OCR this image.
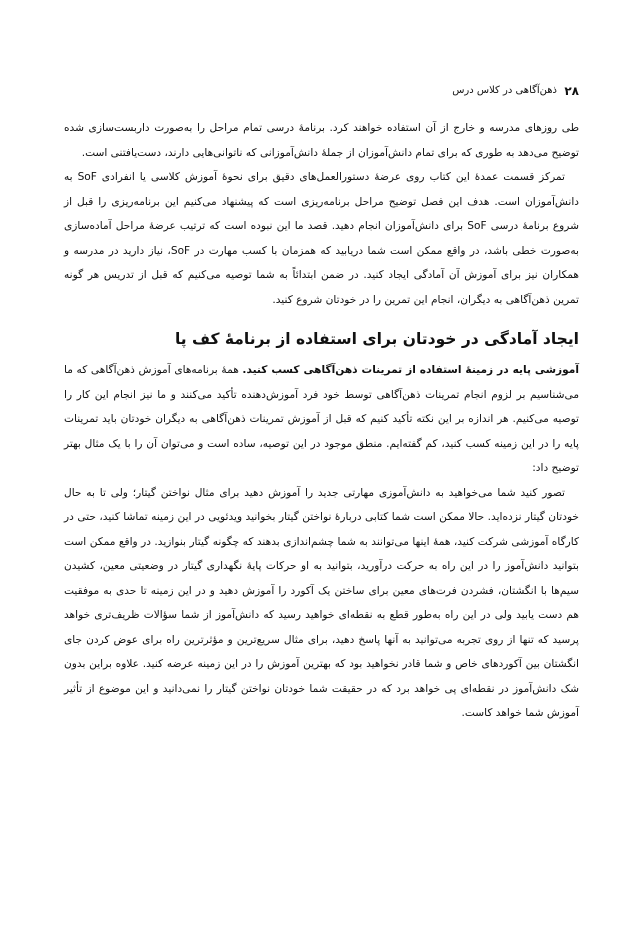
۲۸
ذهن‌آگاهی در کلاس درس

طی روزهای مدرسه و خارج از آن استفاده خواهند کرد. برنامهٔ درسی تمام مراحل را به‌صورت داربست‌سازی شده توضیح می‌دهد به طوری که برای تمام دانش‌آموزان از جملهٔ دانش‌آموزانی که ناتوانی‌هایی دارند، دست‌یافتنی است.

تمرکز قسمت عمدهٔ این کتاب روی عرضهٔ دستورالعمل‌های دقیق برای نحوهٔ آموزش کلاسی یا انفرادی SoF به دانش‌آموزان است. هدف این فصل توضیح مراحل برنامه‌ریزی است که پیشنهاد می‌کنیم این برنامه‌ریزی را قبل از شروع برنامهٔ درسی SoF برای دانش‌آموزان انجام دهید. قصد ما این نبوده است که ترتیب عرضهٔ مراحل آماده‌سازی به‌صورت خطی باشد، در واقع ممکن است شما دریابید که همزمان با کسب مهارت در SoF، نیاز دارید در مدرسه و همکاران نیز برای آموزش آن آمادگی ایجاد کنید. در ضمن ابتدائاً به شما توصیه می‌کنیم که قبل از تدریس هر گونه تمرین ذهن‌آگاهی به دیگران، انجام این تمرین را در خودتان شروع کنید.

ایجاد آمادگی در خودتان برای استفاده از برنامهٔ کف پا

آموزشی پایه در زمینهٔ استفاده از تمرینات ذهن‌آگاهی کسب کنید. همهٔ برنامه‌های آموزش ذهن‌آگاهی که ما می‌شناسیم بر لزوم انجام تمرینات ذهن‌آگاهی توسط خود فرد آموزش‌دهنده تأکید می‌کنند و ما نیز انجام این کار را توصیه می‌کنیم. هر اندازه بر این نکته تأکید کنیم که قبل از آموزش تمرینات ذهن‌آگاهی به دیگران خودتان باید تمرینات پایه را در این زمینه کسب کنید، کم گفته‌ایم. منطق موجود در این توصیه، ساده است و می‌توان آن را با یک مثال بهتر توضیح داد:

تصور کنید شما می‌خواهید به دانش‌آموزی مهارتی جدید را آموزش دهید برای مثال نواختن گیتار؛ ولی تا به حال خودتان گیتار نزده‌اید. حالا ممکن است شما کتابی دربارهٔ نواختن گیتار بخوانید ویدئویی در این زمینه تماشا کنید، حتی در کارگاه آموزشی شرکت کنید، همهٔ اینها می‌توانند به شما چشم‌اندازی بدهند که چگونه گیتار بنوازید. در واقع ممکن است بتوانید دانش‌آموز را در این راه به حرکت درآورید، بتوانید به او حرکات پایهٔ نگهداری گیتار در وضعیتی معین، کشیدن سیم‌ها با انگشتان، فشردن فرت‌های معین برای ساختن یک آکورد را آموزش دهید و در این زمینه تا حدی به موفقیت هم دست یابید ولی در این راه به‌طور قطع به نقطه‌ای خواهید رسید که دانش‌آموز از شما سؤالات ظریف‌تری خواهد پرسید که تنها از روی تجربه می‌توانید به آنها پاسخ دهید، برای مثال سریع‌ترین و مؤثرترین راه برای عوض کردن جای انگشتان بین آکوردهای خاص و شما قادر نخواهید بود که بهترین آموزش را در این زمینه عرضه کنید. علاوه براین بدون شک دانش‌آموز در نقطه‌ای پی خواهد برد که در حقیقت شما خودتان نواختن گیتار را نمی‌دانید و این موضوع از تأثیر آموزش شما خواهد کاست.
